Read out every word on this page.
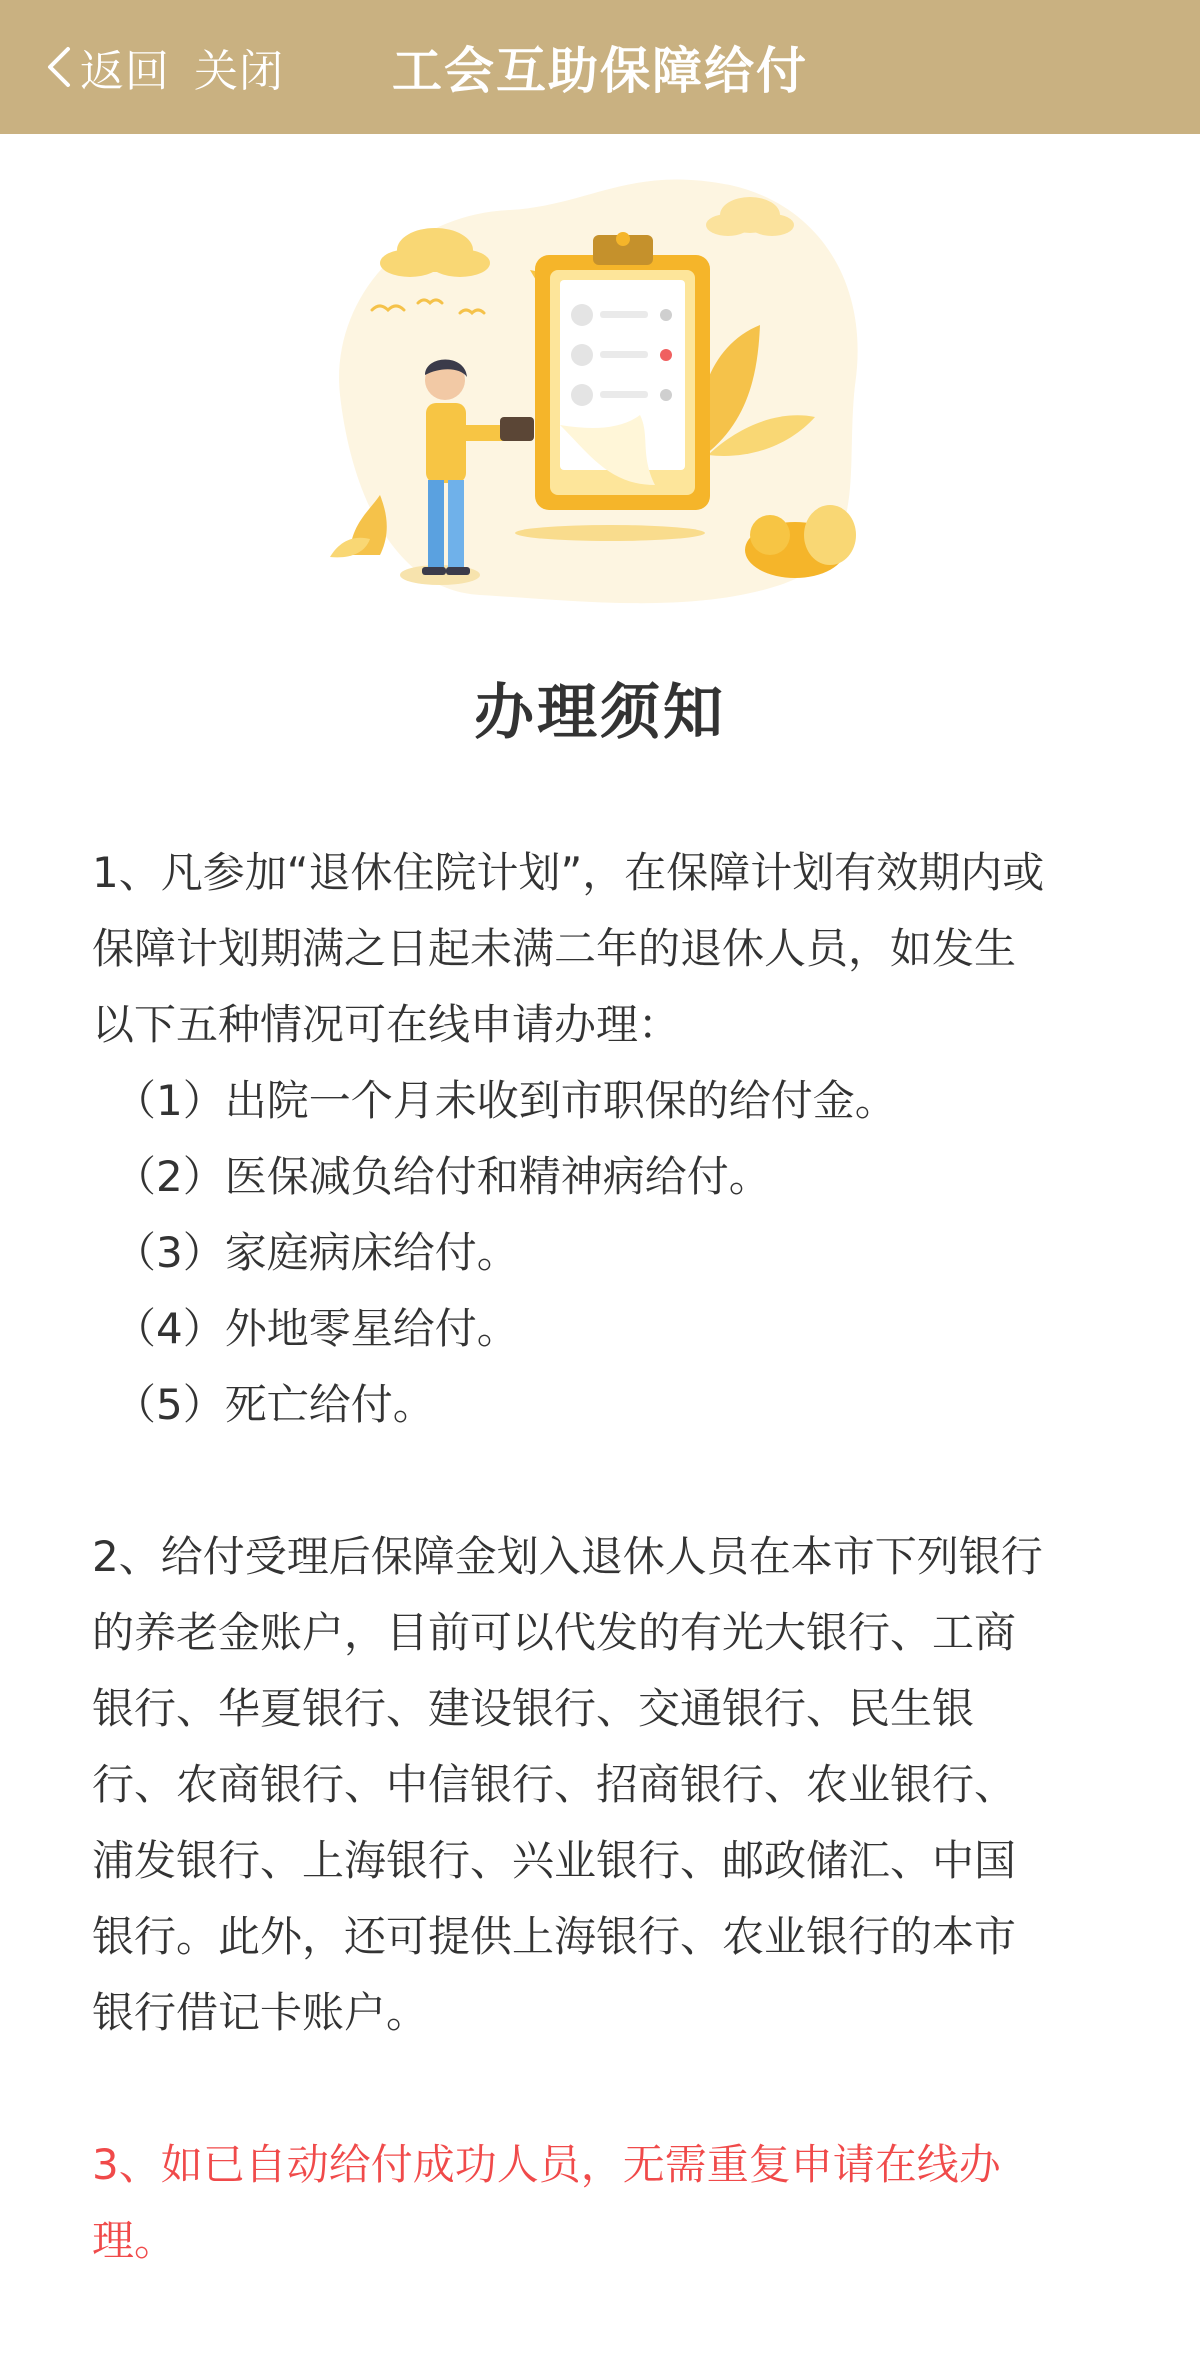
返回 关闭	工会互助保障给付
办理须知

1、凡参加“退休住院计划”，在保障计划有效期内或

保障计划期满之日起未满二年的退休人员，如发生

以下五种情况可在线申请办理：

（1）出院一个月未收到市职保的给付金。

（2）医保减负给付和精神病给付。

（3）家庭病床给付。

（4）外地零星给付。

（5）死亡给付。

2、给付受理后保障金划入退休人员在本市下列银行

的养老金账户，目前可以代发的有光大银行、工商

银行、华夏银行、建设银行、交通银行、民生银

行、农商银行、中信银行、招商银行、农业银行、

浦发银行、上海银行、兴业银行、邮政储汇、中国

银行。此外，还可提供上海银行、农业银行的本市

银行借记卡账户。

3、如已自动给付成功人员，无需重复申请在线办

理。
